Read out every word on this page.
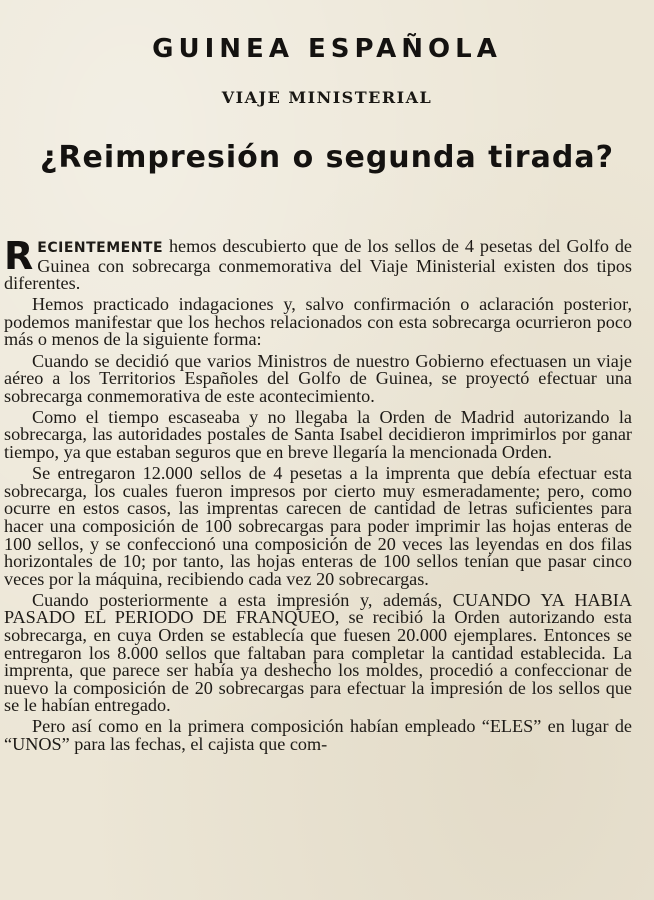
GUINEA ESPAÑOLA
VIAJE MINISTERIAL
¿Reimpresión o segunda tirada?

RECIENTEMENTE hemos descubierto que de los sellos de 4 pesetas del Golfo de Guinea con sobrecarga conmemorativa del Viaje Ministerial existen dos tipos diferentes.

Hemos practicado indagaciones y, salvo confirmación o aclaración posterior, podemos manifestar que los hechos relacionados con esta sobrecarga ocurrieron poco más o menos de la siguiente forma:

Cuando se decidió que varios Ministros de nuestro Gobierno efectuasen un viaje aéreo a los Territorios Españoles del Golfo de Guinea, se proyectó efectuar una sobrecarga conmemorativa de este acontecimiento.

Como el tiempo escaseaba y no llegaba la Orden de Madrid autorizando la sobrecarga, las autoridades postales de Santa Isabel decidieron imprimirlos por ganar tiempo, ya que estaban seguros que en breve llegaría la mencionada Orden.

Se entregaron 12.000 sellos de 4 pesetas a la imprenta que debía efectuar esta sobrecarga, los cuales fueron impresos por cierto muy esmeradamente; pero, como ocurre en estos casos, las imprentas carecen de cantidad de letras suficientes para hacer una composición de 100 sobrecargas para poder imprimir las hojas enteras de 100 sellos, y se confeccionó una composición de 20 veces las leyendas en dos filas horizontales de 10; por tanto, las hojas enteras de 100 sellos tenían que pasar cinco veces por la máquina, recibiendo cada vez 20 sobrecargas.

Cuando posteriormente a esta impresión y, además, CUANDO YA HABIA PASADO EL PERIODO DE FRANQUEO, se recibió la Orden autorizando esta sobrecarga, en cuya Orden se establecía que fuesen 20.000 ejemplares. Entonces se entregaron los 8.000 sellos que faltaban para completar la cantidad establecida. La imprenta, que parece ser había ya deshecho los moldes, procedió a confeccionar de nuevo la composición de 20 sobrecargas para efectuar la impresión de los sellos que se le habían entregado.

Pero así como en la primera composición habían empleado “ELES” en lugar de “UNOS” para las fechas, el cajista que com-
